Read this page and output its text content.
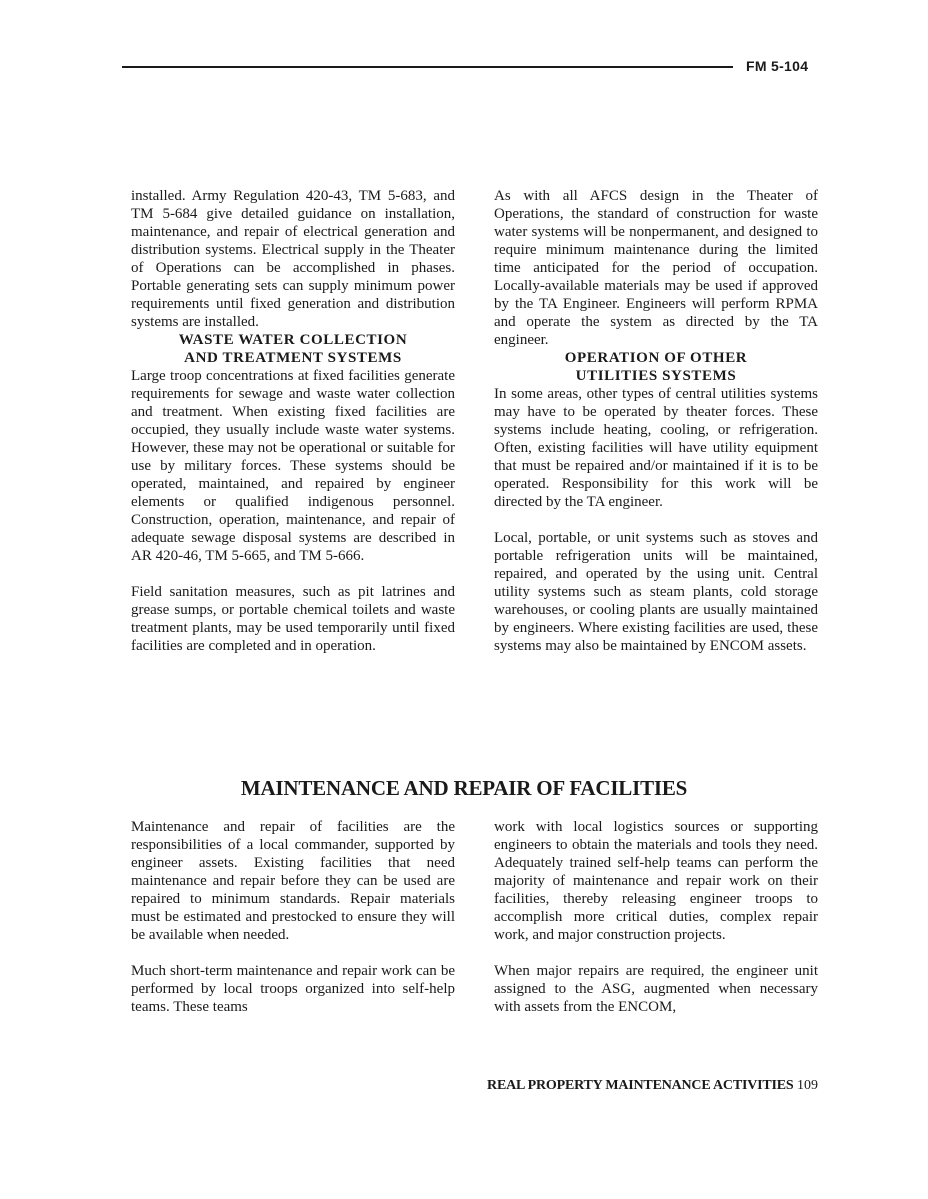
FM 5-104

installed. Army Regulation 420-43, TM 5-683, and TM 5-684 give detailed guidance on installation, maintenance, and repair of electrical generation and distribution systems. Electrical supply in the Theater of Operations can be accomplished in phases. Portable generating sets can supply minimum power requirements until fixed generation and distribution systems are installed.

WASTE WATER COLLECTION
AND TREATMENT SYSTEMS

Large troop concentrations at fixed facilities generate requirements for sewage and waste water collection and treatment. When existing fixed facilities are occupied, they usually include waste water systems. However, these may not be operational or suitable for use by military forces. These systems should be operated, maintained, and repaired by engineer elements or qualified indigenous personnel. Construction, operation, maintenance, and repair of adequate sewage disposal systems are described in AR 420-46, TM 5-665, and TM 5-666.

Field sanitation measures, such as pit latrines and grease sumps, or portable chemical toilets and waste treatment plants, may be used temporarily until fixed facilities are completed and in operation.

As with all AFCS design in the Theater of Operations, the standard of construction for waste water systems will be nonpermanent, and designed to require minimum maintenance during the limited time anticipated for the period of occupation. Locally-available materials may be used if approved by the TA Engineer. Engineers will perform RPMA and operate the system as directed by the TA engineer.

OPERATION OF OTHER
UTILITIES SYSTEMS

In some areas, other types of central utilities systems may have to be operated by theater forces. These systems include heating, cooling, or refrigeration. Often, existing facilities will have utility equipment that must be repaired and/or maintained if it is to be operated. Responsibility for this work will be directed by the TA engineer.

Local, portable, or unit systems such as stoves and portable refrigeration units will be maintained, repaired, and operated by the using unit. Central utility systems such as steam plants, cold storage warehouses, or cooling plants are usually maintained by engineers. Where existing facilities are used, these systems may also be maintained by ENCOM assets.

MAINTENANCE AND REPAIR OF FACILITIES

Maintenance and repair of facilities are the responsibilities of a local commander, supported by engineer assets. Existing facilities that need maintenance and repair before they can be used are repaired to minimum standards. Repair materials must be estimated and prestocked to ensure they will be available when needed.

Much short-term maintenance and repair work can be performed by local troops organized into self-help teams. These teams

work with local logistics sources or supporting engineers to obtain the materials and tools they need. Adequately trained self-help teams can perform the majority of maintenance and repair work on their facilities, thereby releasing engineer troops to accomplish more critical duties, complex repair work, and major construction projects.

When major repairs are required, the engineer unit assigned to the ASG, augmented when necessary with assets from the ENCOM,

REAL PROPERTY MAINTENANCE ACTIVITIES 109
